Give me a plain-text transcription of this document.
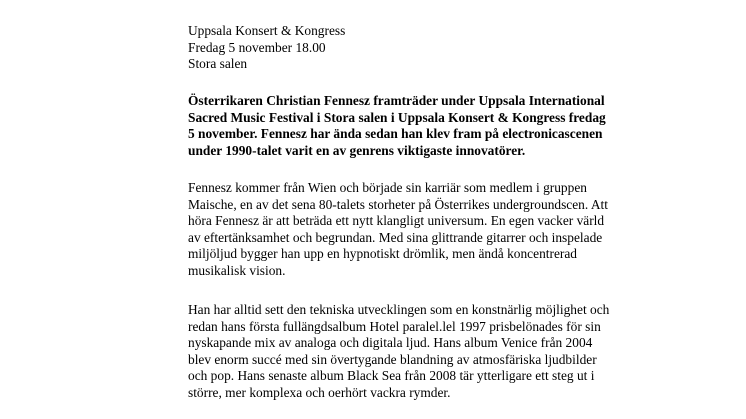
Uppsala Konsert & Kongress
Fredag 5 november 18.00
Stora salen
Österrikaren Christian Fennesz framträder under Uppsala International
Sacred Music Festival i Stora salen i Uppsala Konsert & Kongress fredag
5 november. Fennesz har ända sedan han klev fram på electronicascenen
under 1990-talet varit en av genrens viktigaste innovatörer.
Fennesz kommer från Wien och började sin karriär som medlem i gruppen
Maische, en av det sena 80-talets storheter på Österrikes undergroundscen. Att
höra Fennesz är att beträda ett nytt klangligt universum. En egen vacker värld
av eftertänksamhet och begrundan. Med sina glittrande gitarrer och inspelade
miljöljud bygger han upp en hypnotiskt drömlik, men ändå koncentrerad
musikalisk vision.
Han har alltid sett den tekniska utvecklingen som en konstnärlig möjlighet och
redan hans första fullängdsalbum Hotel paralel.lel 1997 prisbelönades för sin
nyskapande mix av analoga och digitala ljud. Hans album Venice från 2004
blev enorm succé med sin övertygande blandning av atmosfäriska ljudbilder
och pop. Hans senaste album Black Sea från 2008 tär ytterligare ett steg ut i
större, mer komplexa och oerhört vackra rymder.
